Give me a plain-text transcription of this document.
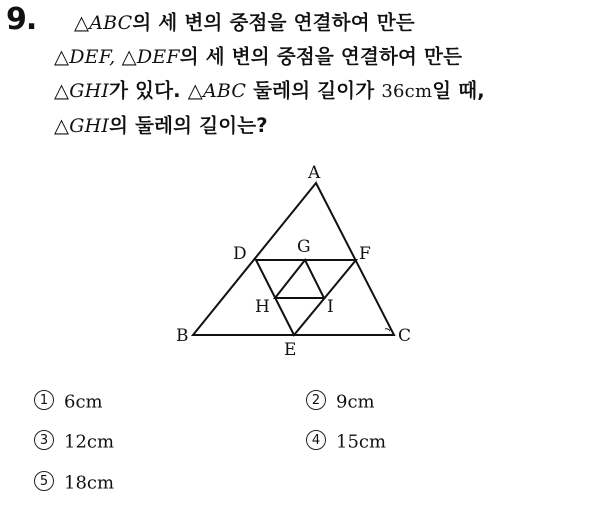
9.	△ABC의 세 변의 중점을 연결하여 만든
△DEF, △DEF의 세 변의 중점을 연결하여 만든
△GHI가 있다. △ABC 둘레의 길이가 36cm일 때,
△GHI의 둘레의 길이는?
A
B	C
D
E
F
G
H	I
1 6cm	2 9cm
3 12cm	4 15cm
5 18cm
